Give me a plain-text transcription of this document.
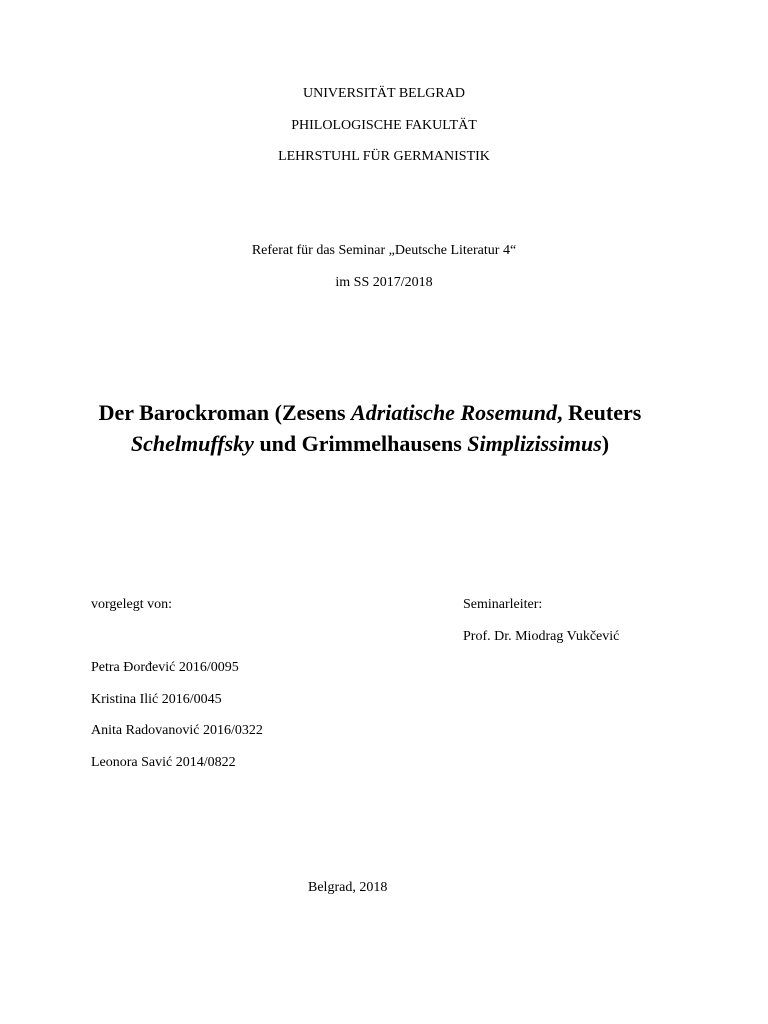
UNIVERSITÄT BELGRAD
PHILOLOGISCHE FAKULTÄT
LEHRSTUHL FÜR GERMANISTIK
Referat für das Seminar „Deutsche Literatur 4“
im SS 2017/2018
Der Barockroman (Zesens Adriatische Rosemund, Reuters
Schelmuffsky und Grimmelhausens Simplizissimus)
vorgelegt von:	Seminarleiter:
Prof. Dr. Miodrag Vukčević
Petra Đorđević 2016/0095
Kristina Ilić 2016/0045
Anita Radovanović 2016/0322
Leonora Savić 2014/0822
Belgrad, 2018
